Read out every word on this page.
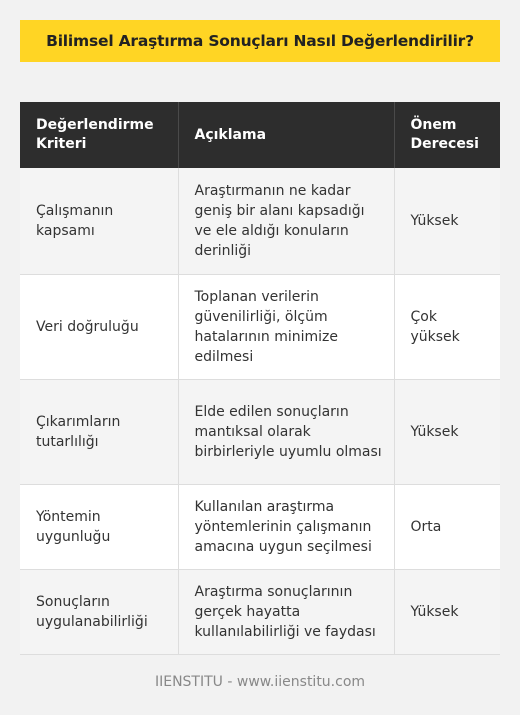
Bilimsel Araştırma Sonuçları Nasıl Değerlendirilir?
Değerlendirme Kriteri	Açıklama	Önem Derecesi
Çalışmanın kapsamı	Araştırmanın ne kadar geniş bir alanı kapsadığı ve ele aldığı konuların derinliği	Yüksek
Veri doğruluğu	Toplanan verilerin güvenilirliği, ölçüm hatalarının minimize edilmesi	Çok yüksek
Çıkarımların tutarlılığı	Elde edilen sonuçların mantıksal olarak birbirleriyle uyumlu olması	Yüksek
Yöntemin uygunluğu	Kullanılan araştırma yöntemlerinin çalışmanın amacına uygun seçilmesi	Orta
Sonuçların uygulanabilirliği	Araştırma sonuçlarının gerçek hayatta kullanılabilirliği ve faydası	Yüksek
IIENSTITU - www.iienstitu.com
